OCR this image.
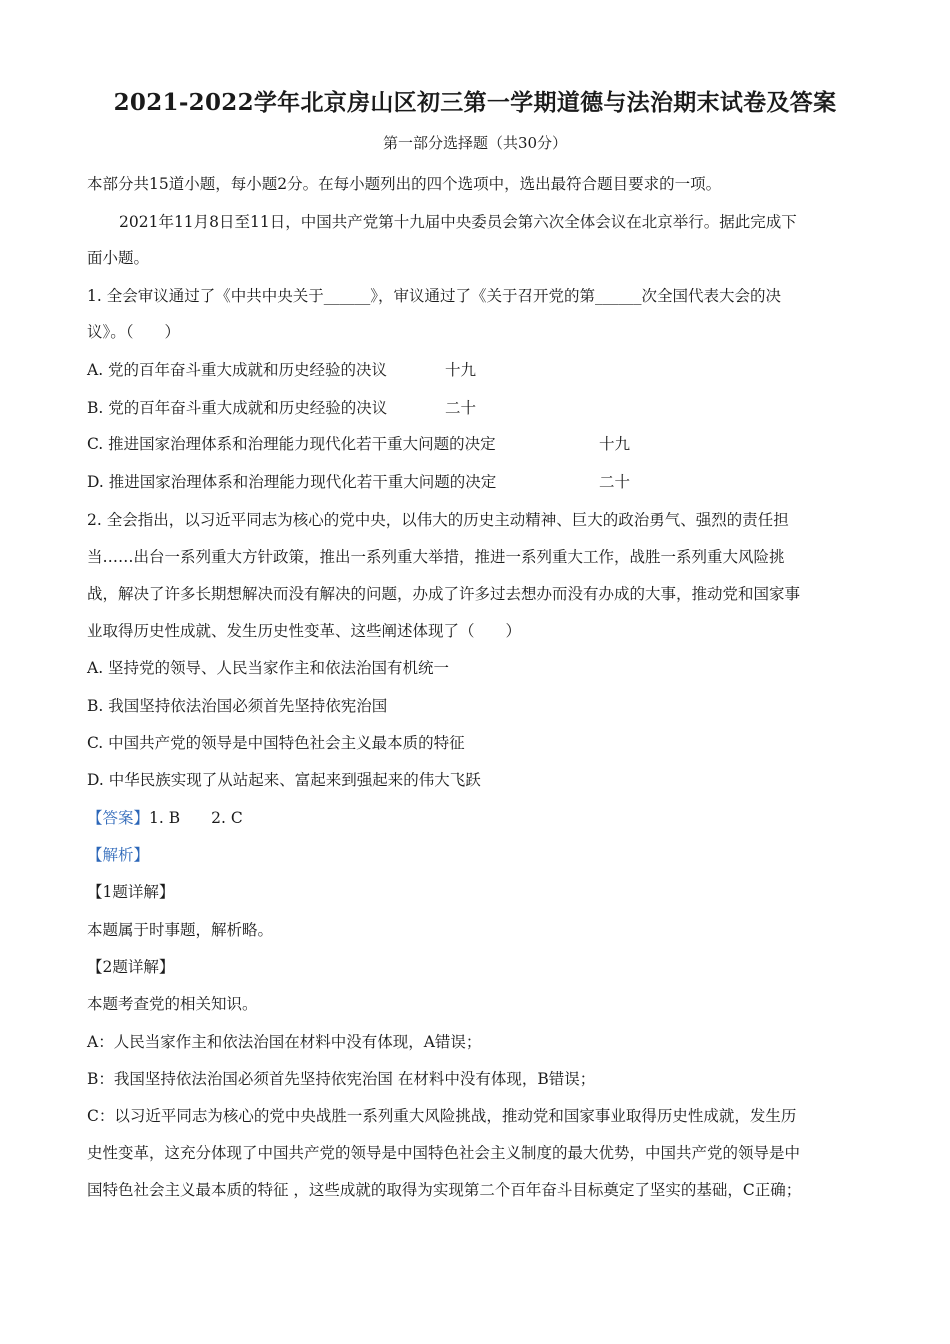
2021-2022学年北京房山区初三第一学期道德与法治期末试卷及答案
第一部分选择题（共30分）
本部分共15道小题，每小题2分。在每小题列出的四个选项中，选出最符合题目要求的一项。
2021年11月8日至11日，中国共产党第十九届中央委员会第六次全体会议在北京举行。据此完成下
面小题。
1. 全会审议通过了《中共中央关于______》，审议通过了《关于召开党的第______次全国代表大会的决
议》。（　　）
A. 党的百年奋斗重大成就和历史经验的决议	十九
B. 党的百年奋斗重大成就和历史经验的决议	二十
C. 推进国家治理体系和治理能力现代化若干重大问题的决定	十九
D. 推进国家治理体系和治理能力现代化若干重大问题的决定	二十
2. 全会指出，以习近平同志为核心的党中央，以伟大的历史主动精神、巨大的政治勇气、强烈的责任担
当……出台一系列重大方针政策，推出一系列重大举措，推进一系列重大工作，战胜一系列重大风险挑
战，解决了许多长期想解决而没有解决的问题，办成了许多过去想办而没有办成的大事，推动党和国家事
业取得历史性成就、发生历史性变革、这些阐述体现了（　　）
A. 坚持党的领导、人民当家作主和依法治国有机统一
B. 我国坚持依法治国必须首先坚持依宪治国
C. 中国共产党的领导是中国特色社会主义最本质的特征
D. 中华民族实现了从站起来、富起来到强起来的伟大飞跃
【答案】1. B　　2. C
【解析】
【1题详解】
本题属于时事题，解析略。
【2题详解】
本题考查党的相关知识。
A：人民当家作主和依法治国在材料中没有体现，A错误；
B：我国坚持依法治国必须首先坚持依宪治国 在材料中没有体现，B错误；
C：以习近平同志为核心的党中央战胜一系列重大风险挑战，推动党和国家事业取得历史性成就，发生历
史性变革，这充分体现了中国共产党的领导是中国特色社会主义制度的最大优势，中国共产党的领导是中
国特色社会主义最本质的特征 ，这些成就的取得为实现第二个百年奋斗目标奠定了坚实的基础，C正确；
